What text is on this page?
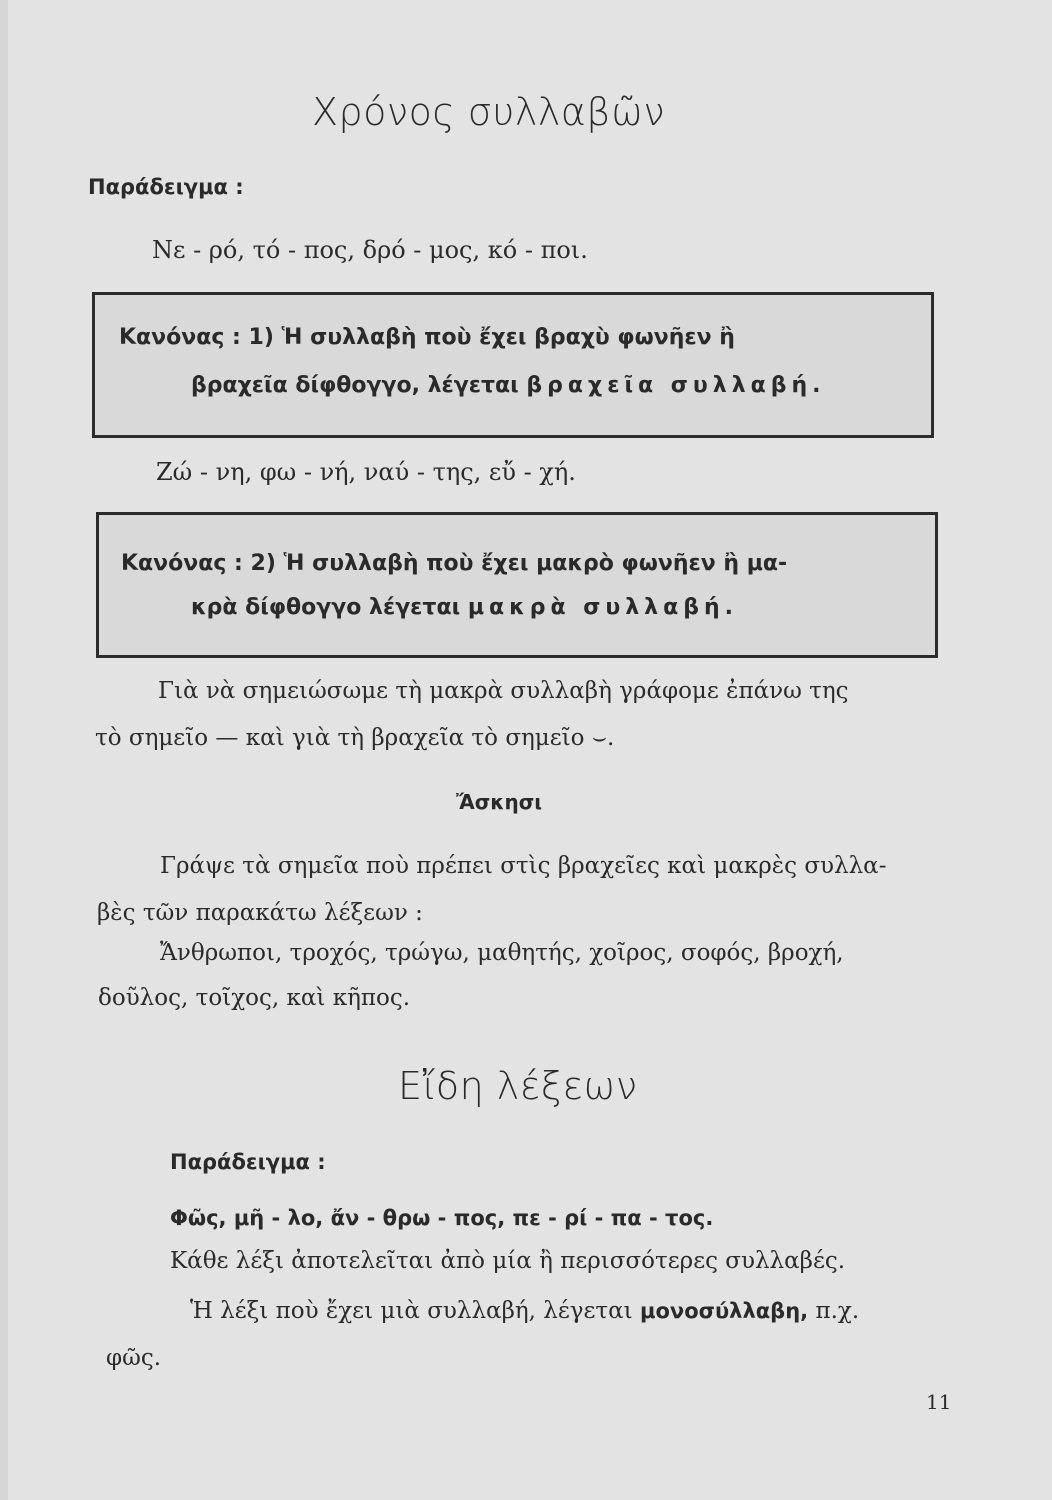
Χρόνος συλλαβῶν
Παράδειγμα :
Νε - ρό, τό - πος, δρό - μος, κό - ποι.
Κανόνας : 1) Ἡ συλλαβὴ ποὺ ἔχει βραχὺ φωνῆεν ἢ
βραχεῖα δίφθογγο, λέγεται βραχεῖα συλλαβή.
Ζώ - νη, φω - νή, ναύ - της, εὔ - χή.
Κανόνας : 2) Ἡ συλλαβὴ ποὺ ἔχει μακρὸ φωνῆεν ἢ μα-
κρὰ δίφθογγο λέγεται μακρὰ συλλαβή.
Γιὰ νὰ σημειώσωμε τὴ μακρὰ συλλαβὴ γράφομε ἐπάνω της
τὸ σημεῖο — καὶ γιὰ τὴ βραχεῖα τὸ σημεῖο ⌣.
Ἄσκησι
Γράψε τὰ σημεῖα ποὺ πρέπει στὶς βραχεῖες καὶ μακρὲς συλλα-
βὲς τῶν παρακάτω λέξεων :
Ἄνθρωποι, τροχός, τρώγω, μαθητής, χοῖρος, σοφός, βροχή,
δοῦλος, τοῖχος, καὶ κῆπος.
Εἴδη λέξεων
Παράδειγμα :
Φῶς, μῆ - λο, ἄν - θρω - πος, πε - ρί - πα - τος.
Κάθε λέξι ἀποτελεῖται ἀπὸ μία ἢ περισσότερες συλλαβές.
Ἡ λέξι ποὺ ἔχει μιὰ συλλαβή, λέγεται μονοσύλλαβη, π.χ.
φῶς.
11
